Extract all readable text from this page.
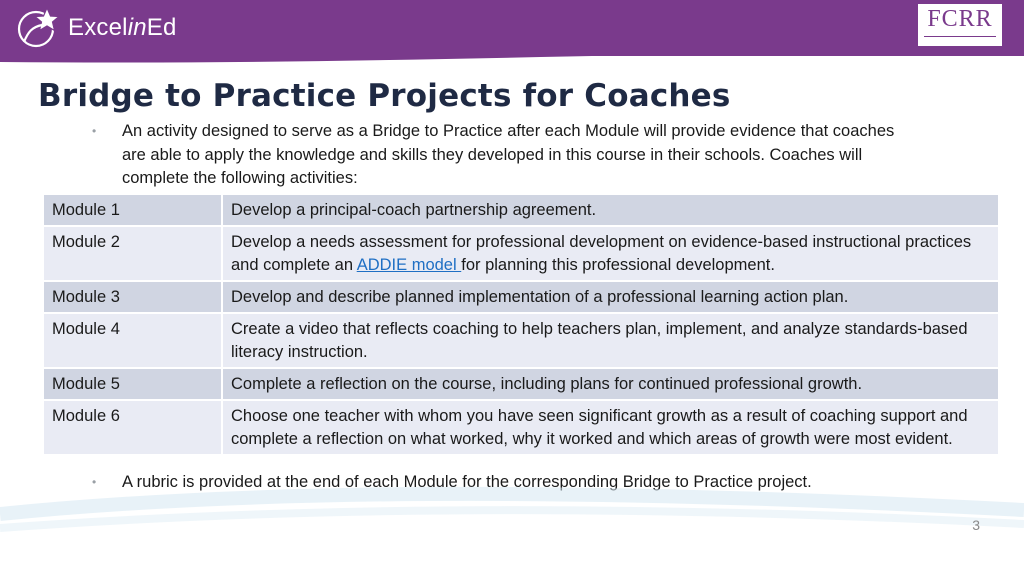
ExcelinEd	FCRR
Bridge to Practice Projects for Coaches
• An activity designed to serve as a Bridge to Practice after each Module will provide evidence that coaches are able to apply the knowledge and skills they developed in this course in their schools. Coaches will complete the following activities:
Module 1	Develop a principal-coach partnership agreement.
Module 2	Develop a needs assessment for professional development on evidence-based instructional practices and complete an ADDIE model for planning this professional development.
Module 3	Develop and describe planned implementation of a professional learning action plan.
Module 4	Create a video that reflects coaching to help teachers plan, implement, and analyze standards-based literacy instruction.
Module 5	Complete a reflection on the course, including plans for continued professional growth.
Module 6	Choose one teacher with whom you have seen significant growth as a result of coaching support and complete a reflection on what worked, why it worked and which areas of growth were most evident.
• A rubric is provided at the end of each Module for the corresponding Bridge to Practice project.
3
